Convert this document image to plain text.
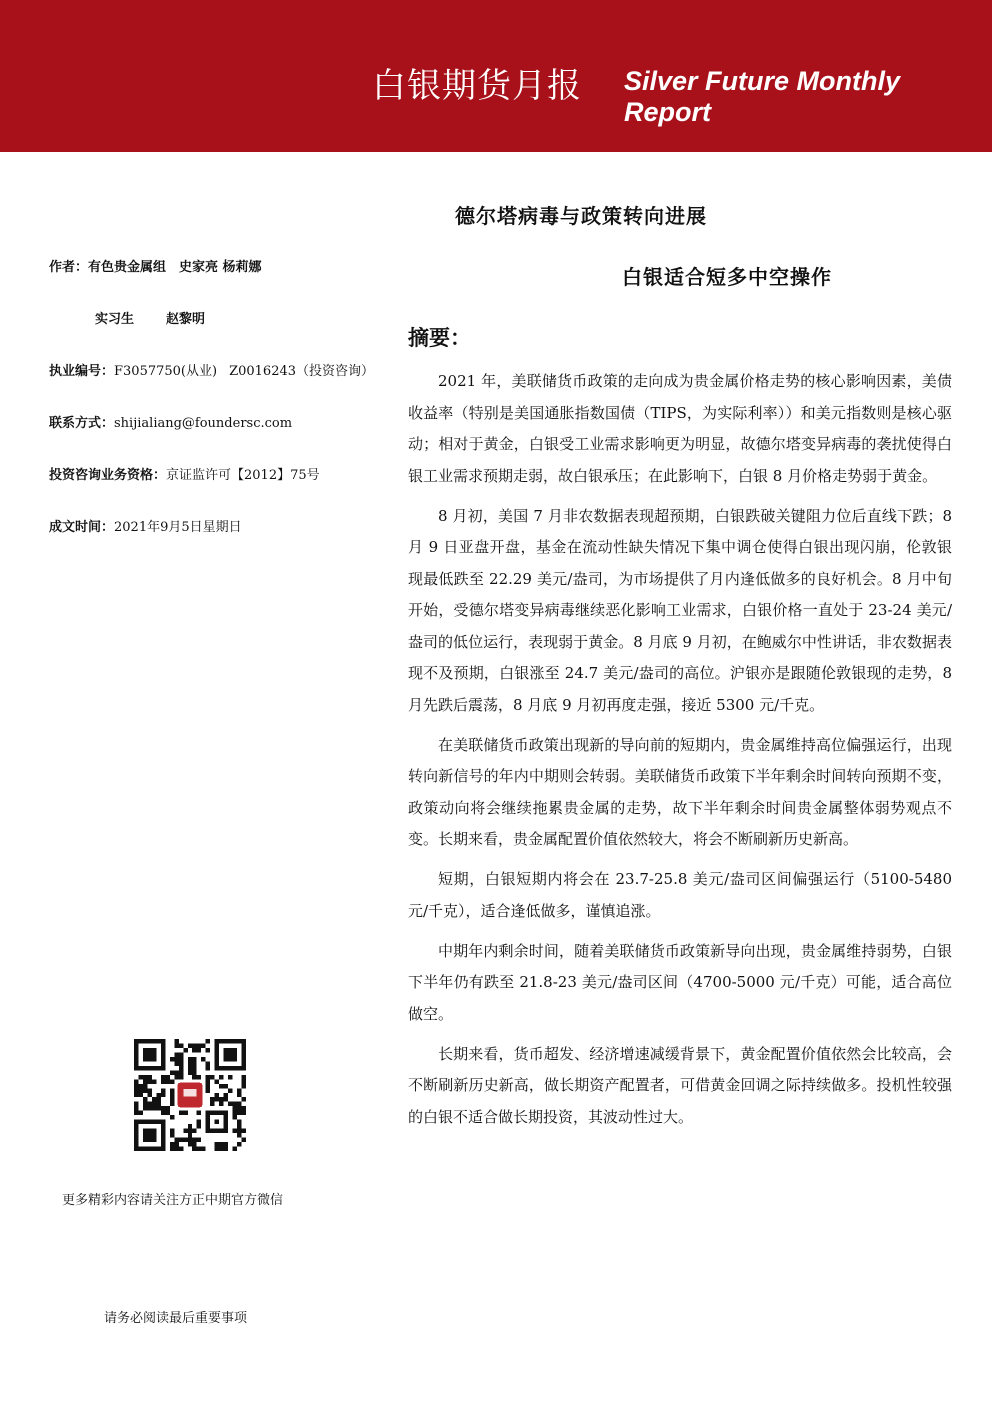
白银期货月报 Silver Future Monthly Report
德尔塔病毒与政策转向进展
白银适合短多中空操作
作者：有色贵金属组　史家亮 杨莉娜
实习生 赵黎明
执业编号：F3057750(从业) Z0016243（投资咨询）
联系方式：shijialiang@foundersc.com
投资咨询业务资格：京证监许可【2012】75号
成文时间：2021年9月5日星期日
摘要：

2021 年，美联储货币政策的走向成为贵金属价格走势的核心影响因素，美债收益率（特别是美国通胀指数国债（TIPS，为实际利率））和美元指数则是核心驱动；相对于黄金，白银受工业需求影响更为明显，故德尔塔变异病毒的袭扰使得白银工业需求预期走弱，故白银承压；在此影响下，白银 8 月价格走势弱于黄金。

8 月初，美国 7 月非农数据表现超预期，白银跌破关键阻力位后直线下跌；8 月 9 日亚盘开盘，基金在流动性缺失情况下集中调仓使得白银出现闪崩，伦敦银现最低跌至 22.29 美元/盎司，为市场提供了月内逢低做多的良好机会。8 月中旬开始，受德尔塔变异病毒继续恶化影响工业需求，白银价格一直处于 23-24 美元/盎司的低位运行，表现弱于黄金。8 月底 9 月初，在鲍威尔中性讲话，非农数据表现不及预期，白银涨至 24.7 美元/盎司的高位。沪银亦是跟随伦敦银现的走势，8 月先跌后震荡，8 月底 9 月初再度走强，接近 5300 元/千克。

在美联储货币政策出现新的导向前的短期内，贵金属维持高位偏强运行，出现转向新信号的年内中期则会转弱。美联储货币政策下半年剩余时间转向预期不变，政策动向将会继续拖累贵金属的走势，故下半年剩余时间贵金属整体弱势观点不变。长期来看，贵金属配置价值依然较大，将会不断刷新历史新高。

短期，白银短期内将会在 23.7-25.8 美元/盎司区间偏强运行（5100-5480 元/千克），适合逢低做多，谨慎追涨。

中期年内剩余时间，随着美联储货币政策新导向出现，贵金属维持弱势，白银下半年仍有跌至 21.8-23 美元/盎司区间（4700-5000 元/千克）可能，适合高位做空。

长期来看，货币超发、经济增速减缓背景下，黄金配置价值依然会比较高，会不断刷新历史新高，做长期资产配置者，可借黄金回调之际持续做多。投机性较强的白银不适合做长期投资，其波动性过大。

更多精彩内容请关注方正中期官方微信
请务必阅读最后重要事项
